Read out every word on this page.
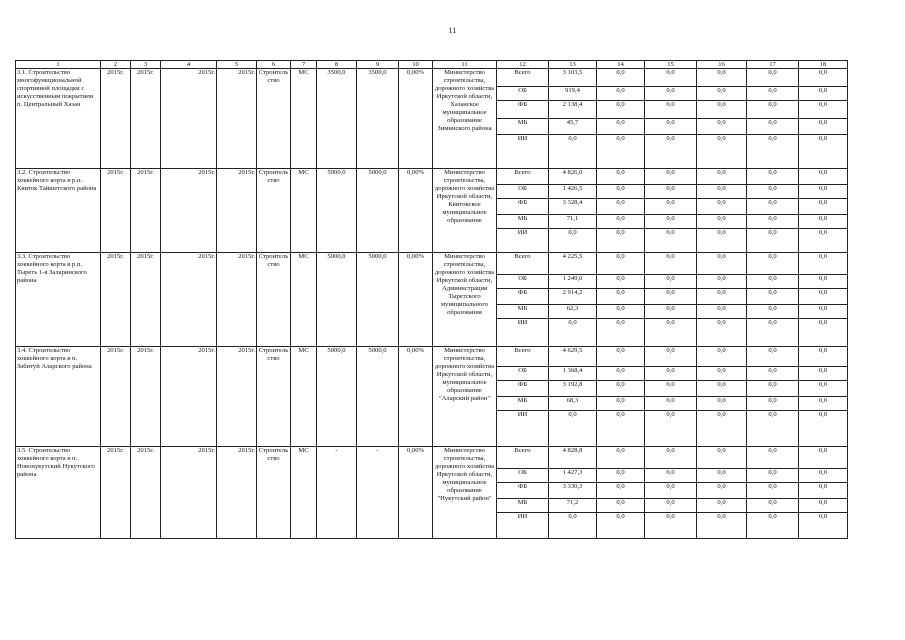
11
1	2	3	4	5	6	7	8	9	10	11	12	13	14	15	16	17	18
3.1. Строительство многофункциональной спортивной площадки с искусственным покрытием п. Центральный Хазан	2015г.	2015г.	2015г.	2015г.	Строительство	МС	3500,0	3500,0	0,00%	Министерство строительства, дорожного хозяйства Иркутской области, Хазанское муниципальное образование Зиминского района	Всего	3 103,5	0,0	0,0	0,0	0,0	0,0
											ОБ	919,4	0,0	0,0	0,0	0,0	0,0
											ФБ	2 138,4	0,0	0,0	0,0	0,0	0,0
											МБ	45,7	0,0	0,0	0,0	0,0	0,0
											ИИ	0,0	0,0	0,0	0,0	0,0	0,0
3.2. Строительство хоккейного корта в р.п. Квиток Тайшетского района	2015г.	2015г.	2015г.	2015г.	Строительство	МС	5000,0	5000,0	0,00%	Министерство строительства, дорожного хозяйства Иркутской области, Квитокское муниципальное образование	Всего	4 826,0	0,0	0,0	0,0	0,0	0,0
											ОБ	1 426,5	0,0	0,0	0,0	0,0	0,0
											ФБ	3 328,4	0,0	0,0	0,0	0,0	0,0
											МБ	71,1	0,0	0,0	0,0	0,0	0,0
											ИИ	0,0	0,0	0,0	0,0	0,0	0,0
3.3. Строительство хоккейного корта в р.п. Тыреть 1-я Заларинского района	2015г.	2015г.	2015г.	2015г.	Строительство	МС	5000,0	5000,0	0,00%	Министерство строительства, дорожного хозяйства Иркутской области, Администрация Тыретского муниципального образования	Всего	4 225,5	0,0	0,0	0,0	0,0	0,0
											ОБ	1 249,0	0,0	0,0	0,0	0,0	0,0
											ФБ	2 914,2	0,0	0,0	0,0	0,0	0,0
											МБ	62,3	0,0	0,0	0,0	0,0	0,0
											ИИ	0,0	0,0	0,0	0,0	0,0	0,0
3.4. Строительство хоккейного корта в п. Забитуй Аларского района	2015г.	2015г.	2015г.	2015г.	Строительство	МС	5000,0	5000,0	0,00%	Министерство строительства, дорожного хозяйства Иркутской области, муниципальное образование "Аларский район"	Всего	4 629,5	0,0	0,0	0,0	0,0	0,0
											ОБ	1 368,4	0,0	0,0	0,0	0,0	0,0
											ФБ	3 192,8	0,0	0,0	0,0	0,0	0,0
											МБ	68,3	0,0	0,0	0,0	0,0	0,0
											ИИ	0,0	0,0	0,0	0,0	0,0	0,0
3.5. Строительство хоккейного корта в п. Новонукутский Нукутского района	2015г.	2015г.	2015г.	2015г.	Строительство	МС	-	-	0,00%	Министерство строительства, дорожного хозяйства Иркутской области, муниципальное образование "Нукутский район"	Всего	4 828,8	0,0	0,0	0,0	0,0	0,0
											ОБ	1 427,3	0,0	0,0	0,0	0,0	0,0
											ФБ	3 330,3	0,0	0,0	0,0	0,0	0,0
											МБ	71,2	0,0	0,0	0,0	0,0	0,0
											ИИ	0,0	0,0	0,0	0,0	0,0	0,0
